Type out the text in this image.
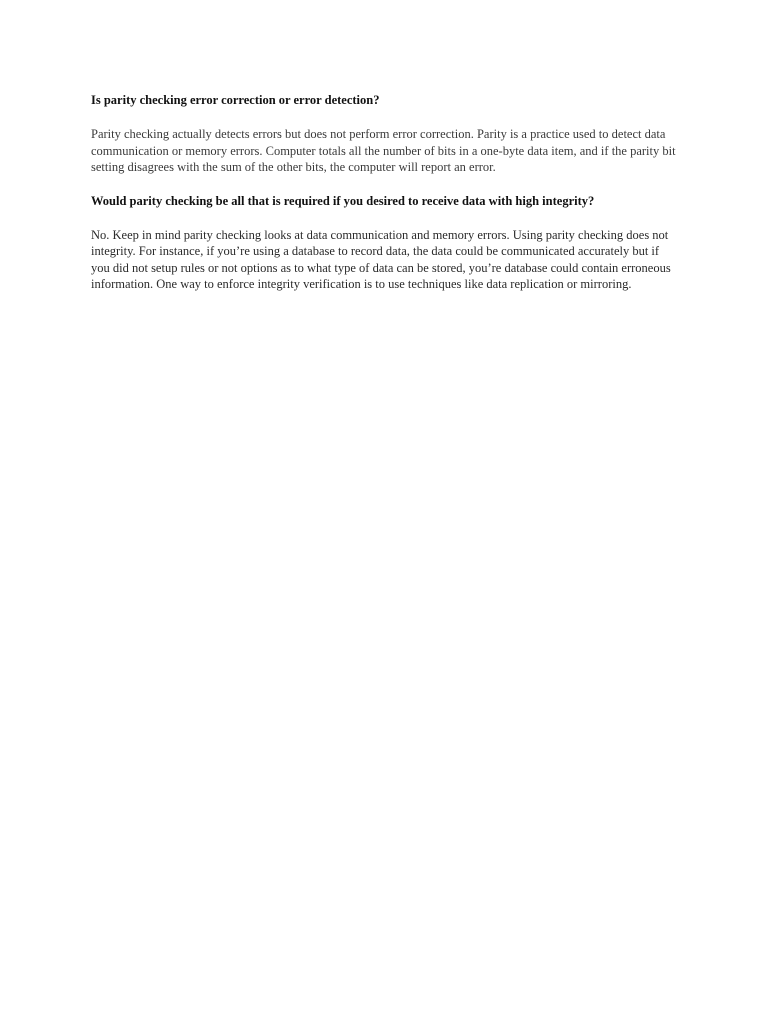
Is parity checking error correction or error detection?

Parity checking actually detects errors but does not perform error correction. Parity is a practice used to detect data communication or memory errors. Computer totals all the number of bits in a one-byte data item, and if the parity bit setting disagrees with the sum of the other bits, the computer will report an error.

Would parity checking be all that is required if you desired to receive data with high integrity?

No. Keep in mind parity checking looks at data communication and memory errors. Using parity checking does not integrity. For instance, if you’re using a database to record data, the data could be communicated accurately but if you did not setup rules or not options as to what type of data can be stored, you’re database could contain erroneous information. One way to enforce integrity verification is to use techniques like data replication or mirroring.
